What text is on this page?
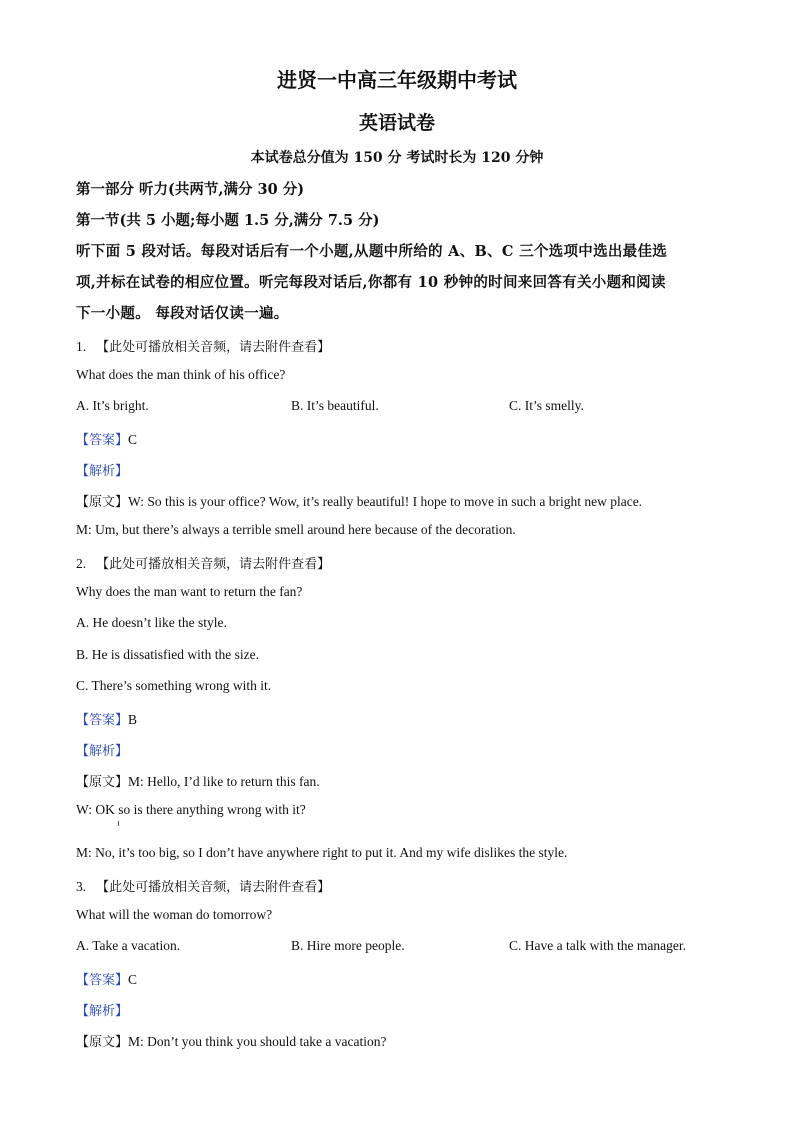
进贤一中高三年级期中考试
英语试卷
本试卷总分值为 150 分 考试时长为 120 分钟
第一部分 听力(共两节,满分 30 分)
第一节(共 5 小题;每小题 1.5 分,满分 7.5 分)
听下面 5 段对话。每段对话后有一个小题,从题中所给的 A、B、C 三个选项中选出最佳选
项,并标在试卷的相应位置。听完每段对话后,你都有 10 秒钟的时间来回答有关小题和阅读
下一小题。 每段对话仅读一遍。
1. 【此处可播放相关音频，请去附件查看】
What does the man think of his office?
A. It’s bright.	B. It’s beautiful.	C. It’s smelly.
【答案】C
【解析】
【原文】W: So this is your office? Wow, it’s really beautiful! I hope to move in such a bright new place.
M: Um, but there’s always a terrible smell around here because of the decoration.
2. 【此处可播放相关音频，请去附件查看】
Why does the man want to return the fan?
A. He doesn’t like the style.
B. He is dissatisfied with the size.
C. There’s something wrong with it.
【答案】B
【解析】
【原文】M: Hello, I’d like to return this fan.
W: OK so is there anything wrong with it?
M: No, it’s too big, so I don’t have anywhere right to put it. And my wife dislikes the style.
3. 【此处可播放相关音频，请去附件查看】
What will the woman do tomorrow?
A. Take a vacation.	B. Hire more people.	C. Have a talk with the manager.
【答案】C
【解析】
【原文】M: Don’t you think you should take a vacation?
